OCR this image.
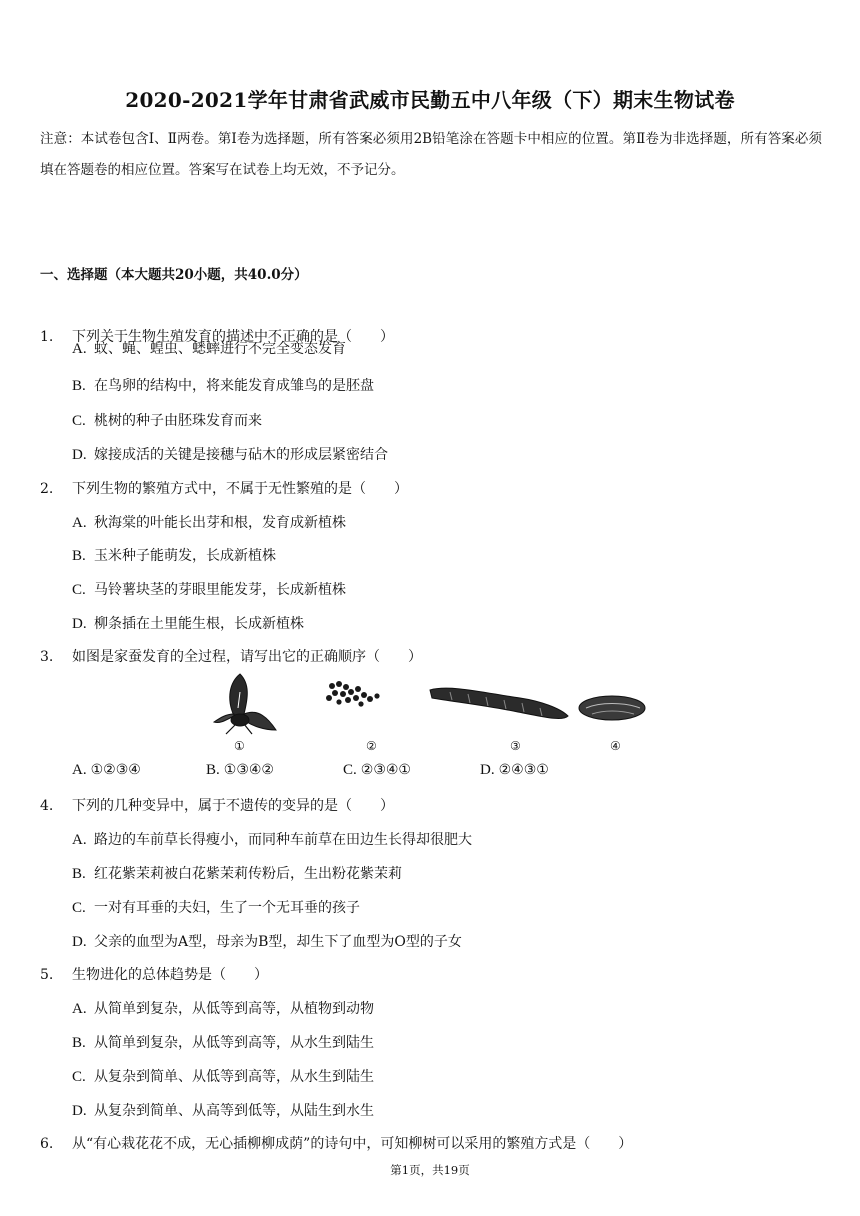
2020-2021学年甘肃省武威市民勤五中八年级（下）期末生物试卷
注意：本试卷包含Ⅰ、Ⅱ两卷。第Ⅰ卷为选择题，所有答案必须用2B铅笔涂在答题卡中相应的位置。第Ⅱ卷为非选择题，所有答案必须填在答题卷的相应位置。答案写在试卷上均无效，不予记分。
一、选择题（本大题共20小题，共40.0分）
1. 下列关于生物生殖发育的描述中不正确的是（　　）
A. 蚊、蝇、蝗虫、蟋蟀进行不完全变态发育
B. 在鸟卵的结构中，将来能发育成雏鸟的是胚盘
C. 桃树的种子由胚珠发育而来
D. 嫁接成活的关键是接穗与砧木的形成层紧密结合
2. 下列生物的繁殖方式中，不属于无性繁殖的是（　　）
A. 秋海棠的叶能长出芽和根，发育成新植株
B. 玉米种子能萌发，长成新植株
C. 马铃薯块茎的芽眼里能发芽，长成新植株
D. 柳条插在土里能生根，长成新植株
3. 如图是家蚕发育的全过程，请写出它的正确顺序（　　）
①	②	③	④
A. ①②③④	B. ①③④②	C. ②③④①	D. ②④③①
4. 下列的几种变异中，属于不遗传的变异的是（　　）
A. 路边的车前草长得瘦小，而同种车前草在田边生长得却很肥大
B. 红花紫茉莉被白花紫茉莉传粉后，生出粉花紫茉莉
C. 一对有耳垂的夫妇，生了一个无耳垂的孩子
D. 父亲的血型为A型，母亲为B型，却生下了血型为O型的子女
5. 生物进化的总体趋势是（　　）
A. 从简单到复杂，从低等到高等，从植物到动物
B. 从简单到复杂，从低等到高等，从水生到陆生
C. 从复杂到简单、从低等到高等，从水生到陆生
D. 从复杂到简单、从高等到低等，从陆生到水生
6. 从“有心栽花花不成，无心插柳柳成荫”的诗句中，可知柳树可以采用的繁殖方式是（　　）
第1页，共19页
